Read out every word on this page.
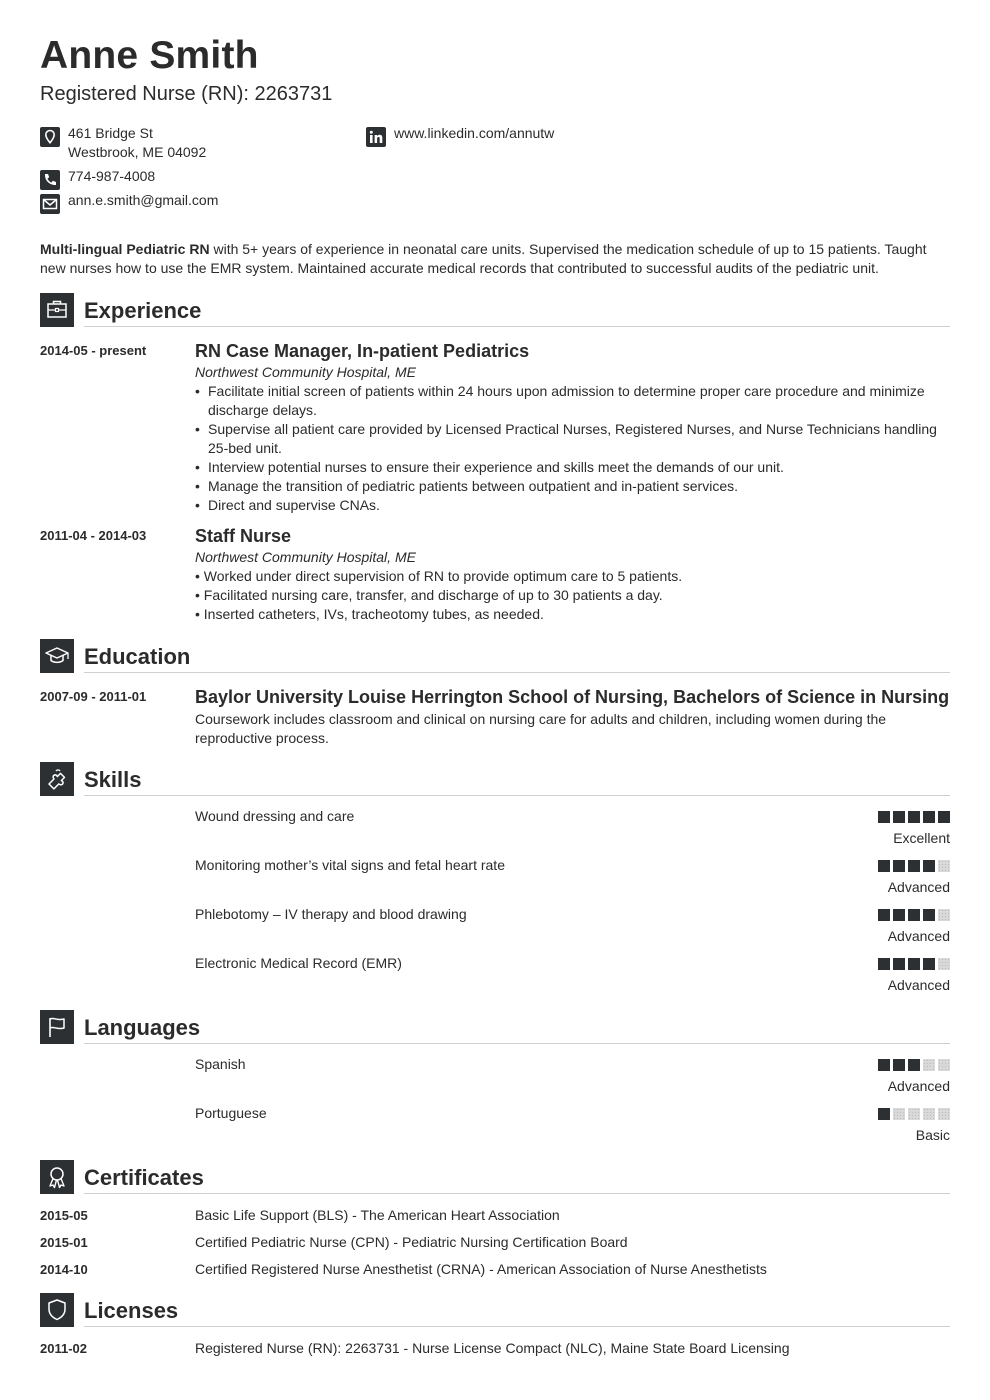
Anne Smith
Registered Nurse (RN): 2263731
461 Bridge St
Westbrook, ME 04092
774-987-4008
ann.e.smith@gmail.com
www.linkedin.com/annutw
Multi-lingual Pediatric RN with 5+ years of experience in neonatal care units. Supervised the medication schedule of up to 15 patients. Taught new nurses how to use the EMR system. Maintained accurate medical records that contributed to successful audits of the pediatric unit.
Experience
2014-05 - present	RN Case Manager, In-patient Pediatrics
Northwest Community Hospital, ME
• Facilitate initial screen of patients within 24 hours upon admission to determine proper care procedure and minimize discharge delays.
• Supervise all patient care provided by Licensed Practical Nurses, Registered Nurses, and Nurse Technicians handling 25-bed unit.
• Interview potential nurses to ensure their experience and skills meet the demands of our unit.
• Manage the transition of pediatric patients between outpatient and in-patient services.
• Direct and supervise CNAs.
2011-04 - 2014-03	Staff Nurse
Northwest Community Hospital, ME
• Worked under direct supervision of RN to provide optimum care to 5 patients.
• Facilitated nursing care, transfer, and discharge of up to 30 patients a day.
• Inserted catheters, IVs, tracheotomy tubes, as needed.
Education
2007-09 - 2011-01	Baylor University Louise Herrington School of Nursing, Bachelors of Science in Nursing
Coursework includes classroom and clinical on nursing care for adults and children, including women during the reproductive process.
Skills
Wound dressing and care
Excellent
Monitoring mother’s vital signs and fetal heart rate
Advanced
Phlebotomy – IV therapy and blood drawing
Advanced
Electronic Medical Record (EMR)
Advanced
Languages
Spanish
Advanced
Portuguese
Basic
Certificates
2015-05	Basic Life Support (BLS) - The American Heart Association
2015-01	Certified Pediatric Nurse (CPN) - Pediatric Nursing Certification Board
2014-10	Certified Registered Nurse Anesthetist (CRNA) - American Association of Nurse Anesthetists
Licenses
2011-02	Registered Nurse (RN): 2263731 - Nurse License Compact (NLC), Maine State Board Licensing
